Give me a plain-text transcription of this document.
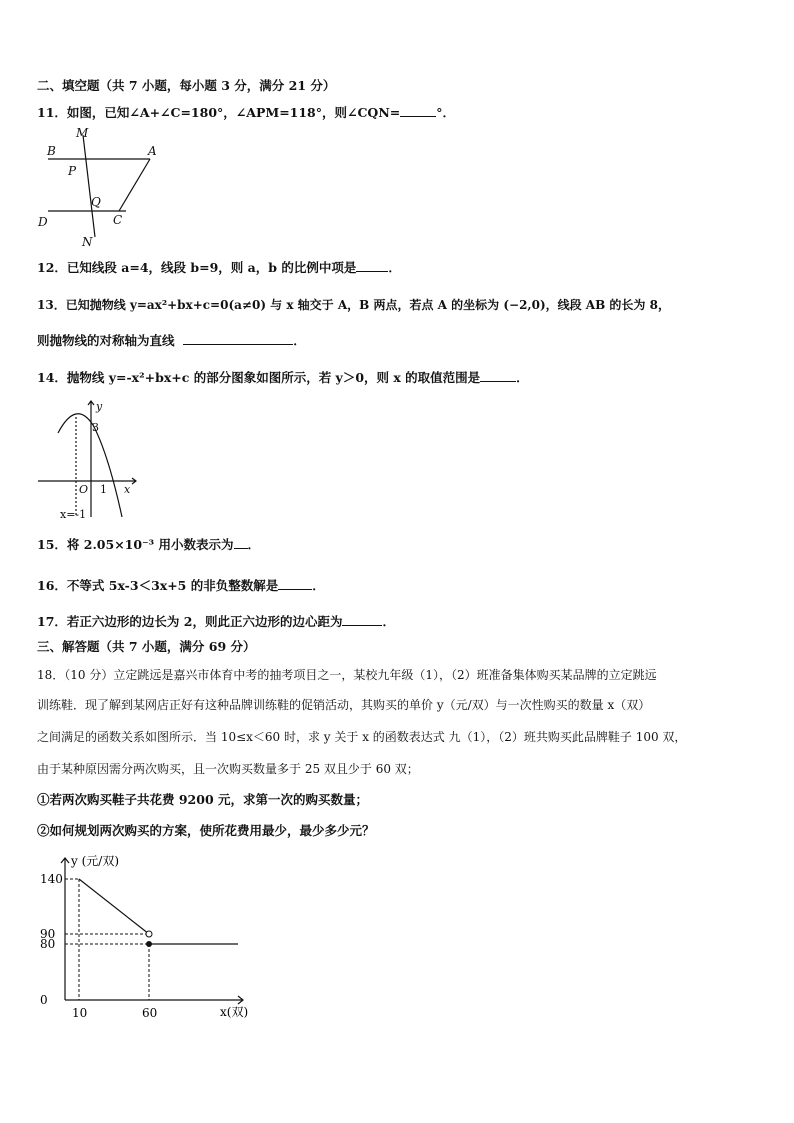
二、填空题（共 7 小题，每小题 3 分，满分 21 分）
11．如图，已知∠A+∠C=180°，∠APM=118°，则∠CQN=	°．
M
B	A
P
Q
D	C
N
12．已知线段 a=4，线段 b=9，则 a，b 的比例中项是	．
13．已知抛物线 y=ax²+bx+c=0(a≠0) 与 x 轴交于 A，B 两点，若点 A 的坐标为 (−2,0)，线段 AB 的长为 8，
则抛物线的对称轴为直线	．
14．抛物线 y=-x²+bx+c 的部分图象如图所示，若 y＞0，则 x 的取值范围是	．
y
3
O 1 x
x=-1
15．将 2.05×10⁻³ 用小数表示为 ．
16．不等式 5x-3＜3x+5 的非负整数解是	．
17．若正六边形的边长为 2，则此正六边形的边心距为	．
三、解答题（共 7 小题，满分 69 分）
18．（10 分）立定跳远是嘉兴市体育中考的抽考项目之一，某校九年级（1），（2）班准备集体购买某品牌的立定跳远
训练鞋．现了解到某网店正好有这种品牌训练鞋的促销活动，其购买的单价 y（元/双）与一次性购买的数量 x（双）
之间满足的函数关系如图所示．当 10≤x＜60 时，求 y 关于 x 的函数表达式 九（1），（2）班共购买此品牌鞋子 100 双，
由于某种原因需分两次购买，且一次购买数量多于 25 双且少于 60 双；
①若两次购买鞋子共花费 9200 元，求第一次的购买数量；
②如何规划两次购买的方案，使所花费用最少，最少多少元？
0
80
90
140
10	60
y (元/双)
x(双)
